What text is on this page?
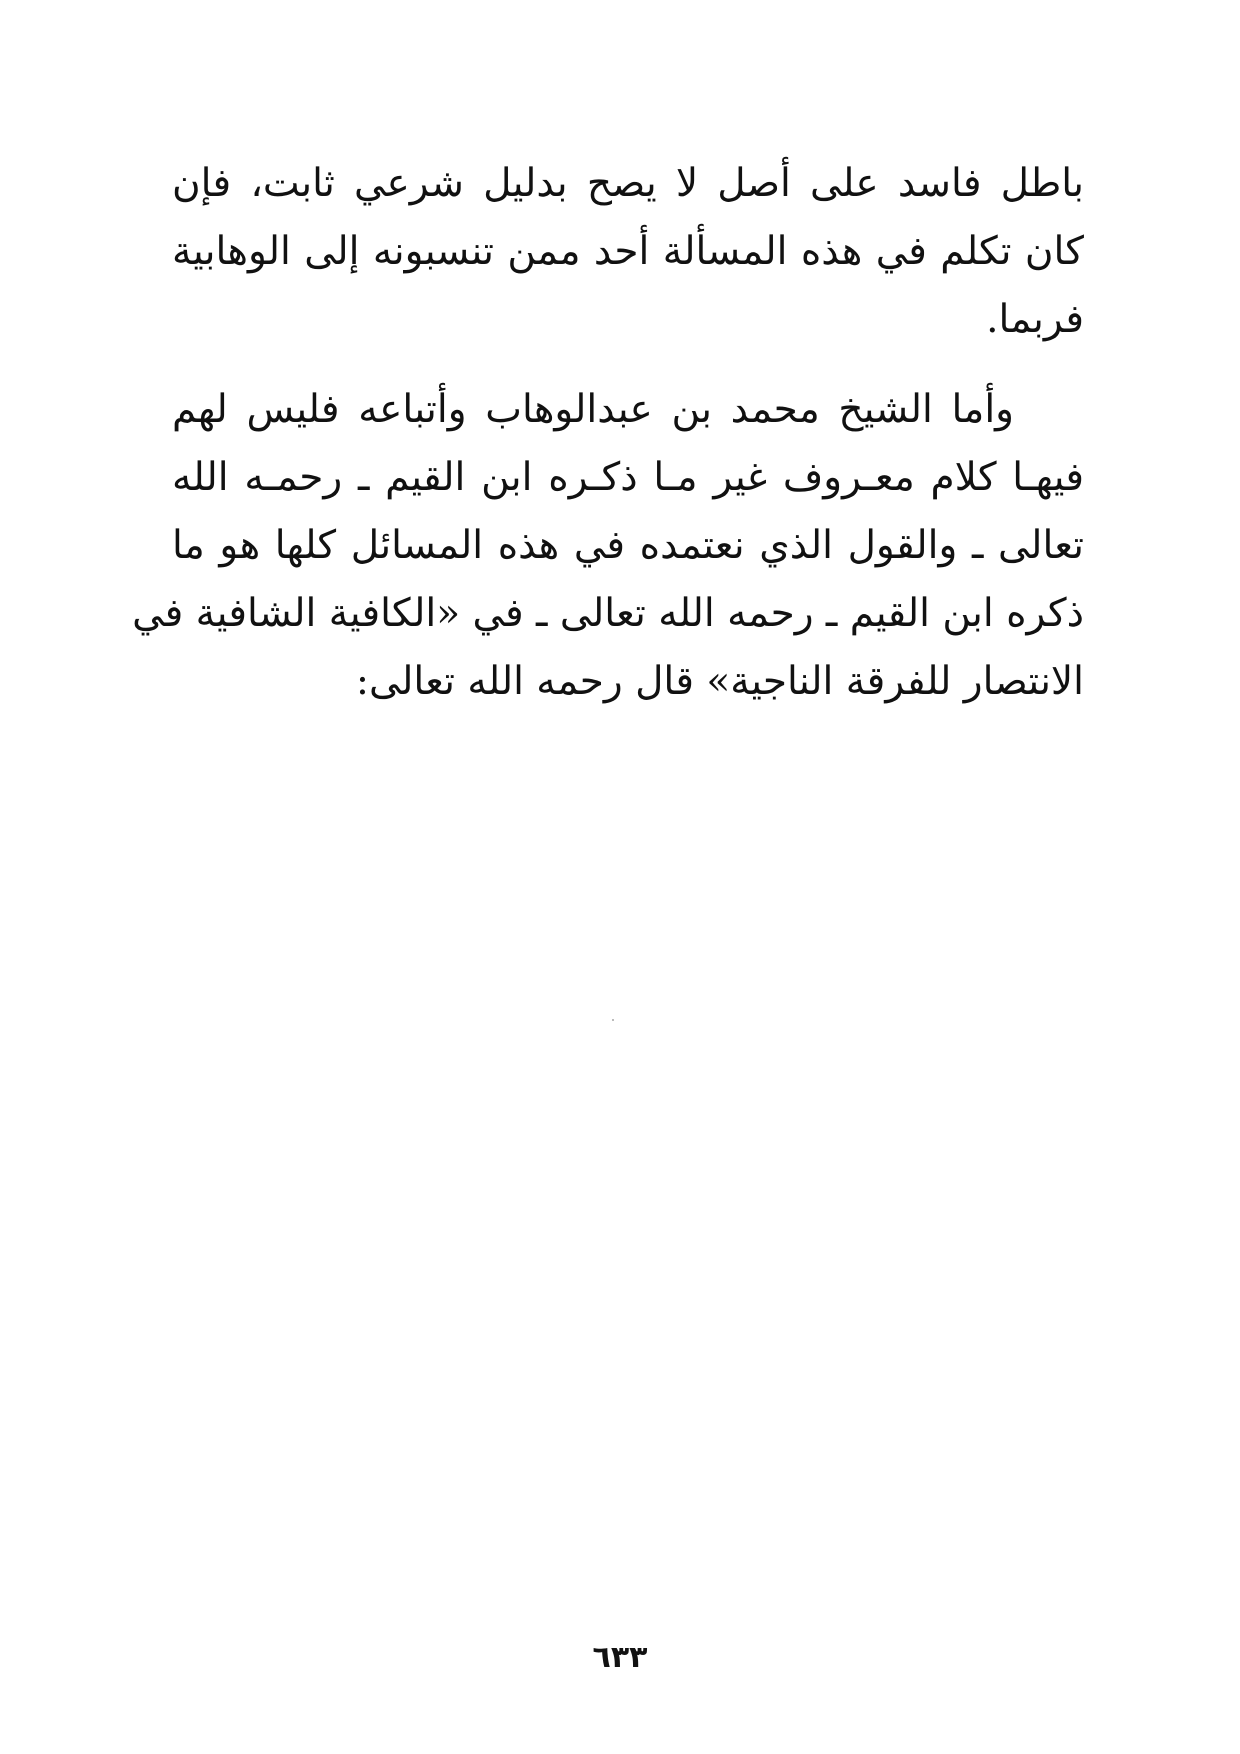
باطل فاسد على أصل لا يصح بدليل شرعي ثابت، فإن
كان تكلم في هذه المسألة أحد ممن تنسبونه إلى الوهابية
فربما.

وأما الشيخ محمد بن عبدالوهاب وأتباعه فليس لهم
فيهـا كلام معـروف غير مـا ذكـره ابن القيم ـ رحمـه الله
تعالى ـ والقول الذي نعتمده في هذه المسائل كلها هو ما
ذكره ابن القيم ـ رحمه الله تعالى ـ في «الكافية الشافية في
الانتصار للفرقة الناجية» قال رحمه الله تعالى:

٦٣٣
